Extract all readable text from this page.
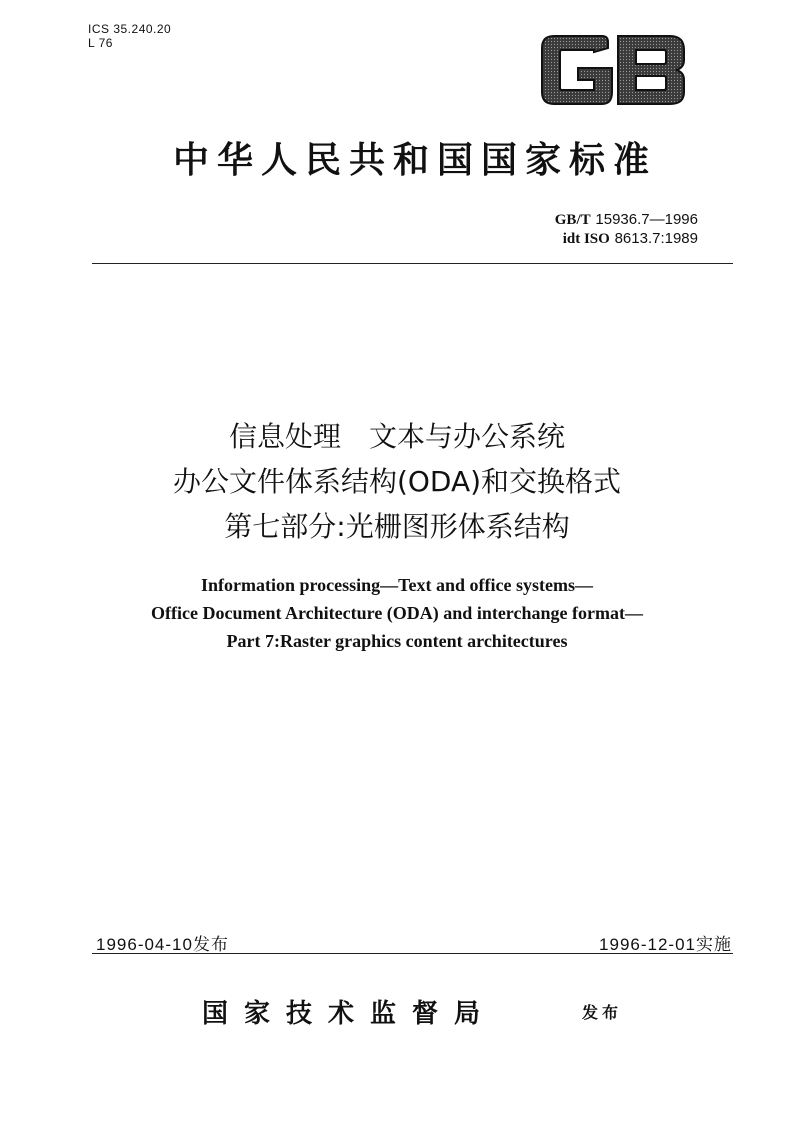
ICS 35.240.20
L 76
中华人民共和国国家标准
GB/T 15936.7—1996
idt ISO 8613.7:1989
信息处理　文本与办公系统
办公文件体系结构(ODA)和交换格式
第七部分:光栅图形体系结构
Information processing—Text and office systems—
Office Document Architecture (ODA) and interchange format—
Part 7:Raster graphics content architectures
1996-04-10发布	1996-12-01实施
国家技术监督局	发布
